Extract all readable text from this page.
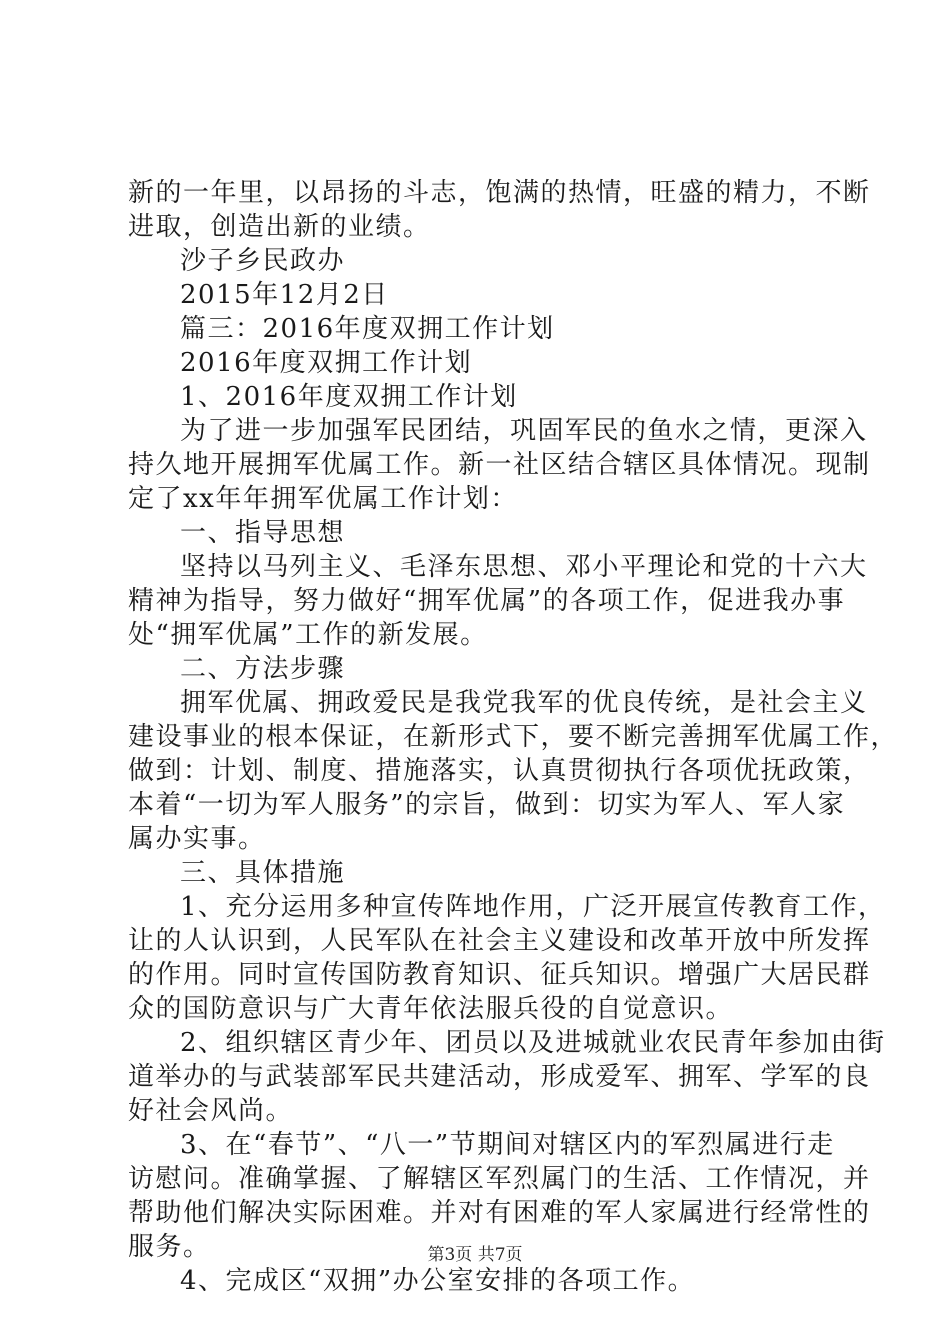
新的一年里，以昂扬的斗志，饱满的热情，旺盛的精力，不断
进取，创造出新的业绩。
沙子乡民政办
2015年12月2日
篇三：2016年度双拥工作计划
2016年度双拥工作计划
1、2016年度双拥工作计划
为了进一步加强军民团结，巩固军民的鱼水之情，更深入
持久地开展拥军优属工作。新一社区结合辖区具体情况。现制
定了xx年年拥军优属工作计划：
一、指导思想
坚持以马列主义、毛泽东思想、邓小平理论和党的十六大
精神为指导，努力做好“拥军优属”的各项工作，促进我办事
处“拥军优属”工作的新发展。
二、方法步骤
拥军优属、拥政爱民是我党我军的优良传统，是社会主义
建设事业的根本保证，在新形式下，要不断完善拥军优属工作，
做到：计划、制度、措施落实，认真贯彻执行各项优抚政策，
本着“一切为军人服务”的宗旨，做到：切实为军人、军人家
属办实事。
三、具体措施
1、充分运用多种宣传阵地作用，广泛开展宣传教育工作，
让的人认识到，人民军队在社会主义建设和改革开放中所发挥
的作用。同时宣传国防教育知识、征兵知识。增强广大居民群
众的国防意识与广大青年依法服兵役的自觉意识。
2、组织辖区青少年、团员以及进城就业农民青年参加由街
道举办的与武装部军民共建活动，形成爱军、拥军、学军的良
好社会风尚。
3、在“春节”、“八一”节期间对辖区内的军烈属进行走
访慰问。准确掌握、了解辖区军烈属门的生活、工作情况，并
帮助他们解决实际困难。并对有困难的军人家属进行经常性的
服务。
4、完成区“双拥”办公室安排的各项工作。
第3页 共7页
